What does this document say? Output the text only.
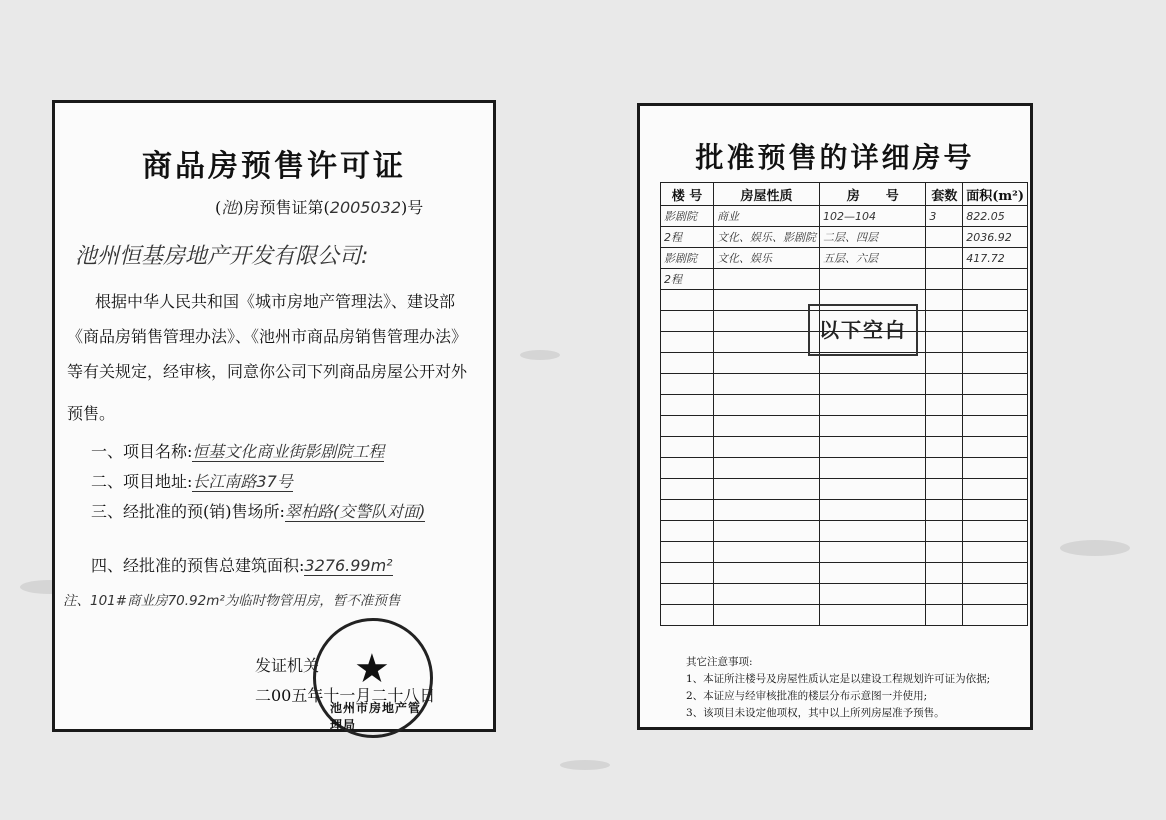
商品房预售许可证
(池)房预售证第(2005032)号
池州恒基房地产开发有限公司:
根据中华人民共和国《城市房地产管理法》、建设部
《商品房销售管理办法》、《池州市商品房销售管理办法》
等有关规定，经审核，同意你公司下列商品房屋公开对外
预售。
一、项目名称:恒基文化商业街影剧院工程
二、项目地址:长江南路37号
三、经批准的预(销)售场所:翠柏路(交警队对面)
四、经批准的预售总建筑面积:3276.99m²
注、101#商业房70.92m²为临时物管用房，暂不准预售
发证机关
二00五年十一月二十八日
★
池州市房地产管理局
批准预售的详细房号
楼 号	房屋性质	房　　号	套数	面积(m²)
影剧院	商业	102—104	3	822.05
2程	文化、娱乐、影剧院	二层、四层		2036.92
影剧院	文化、娱乐	五层、六层		417.72
2程				

以下空白
其它注意事项:
1、本证所注楼号及房屋性质认定是以建设工程规划许可证为依据;
2、本证应与经审核批准的楼层分布示意图一并使用;
3、该项目未设定他项权，其中以上所列房屋准予预售。
